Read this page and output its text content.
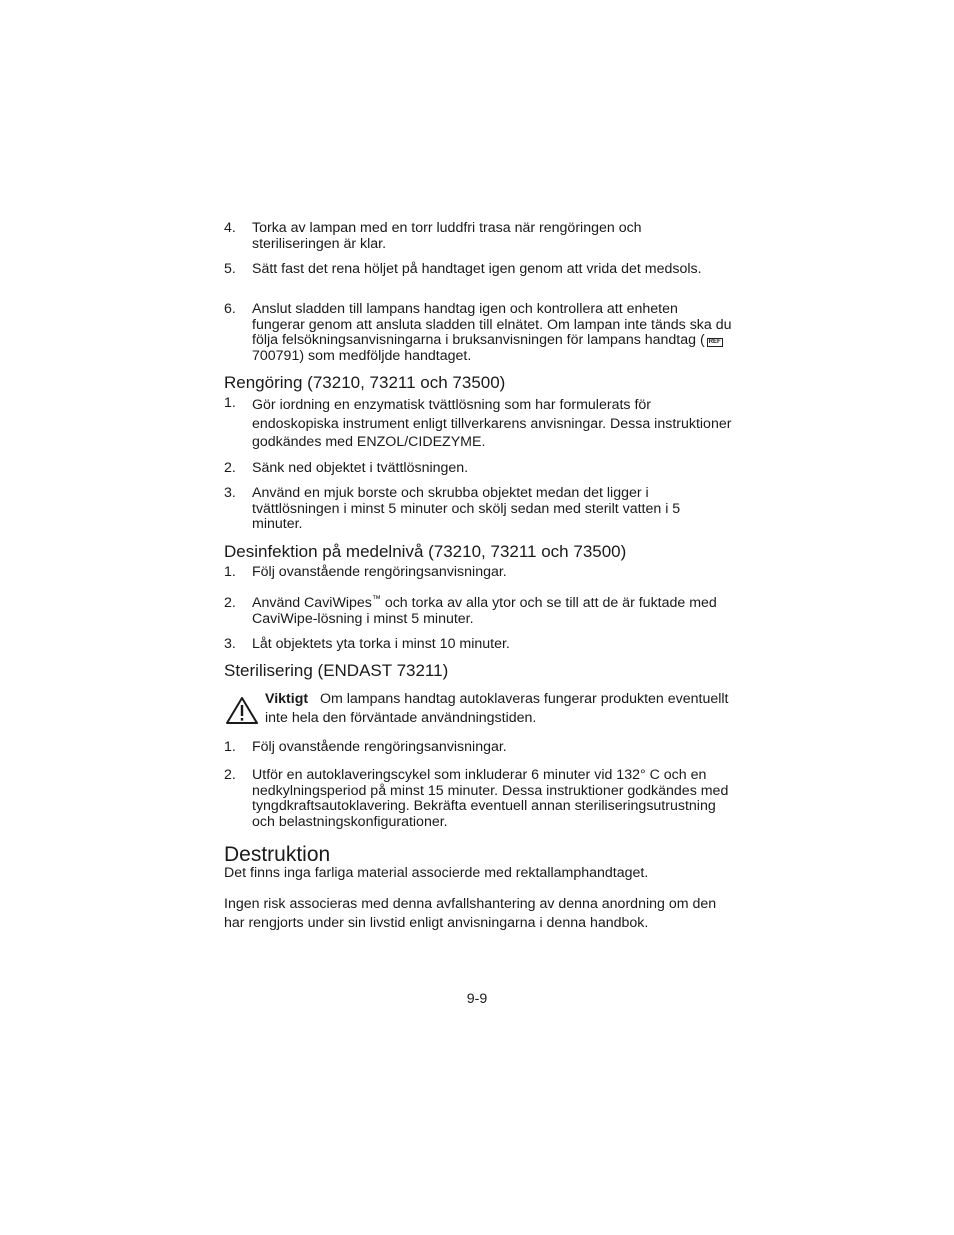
4. Torka av lampan med en torr luddfri trasa när rengöringen och steriliseringen är klar.
5. Sätt fast det rena höljet på handtaget igen genom att vrida det medsols.
6. Anslut sladden till lampans handtag igen och kontrollera att enheten fungerar genom att ansluta sladden till elnätet. Om lampan inte tänds ska du följa felsökningsanvisningarna i bruksanvisningen för lampans handtag ( REF 700791) som medföljde handtaget.
Rengöring (73210, 73211 och 73500)
1. Gör iordning en enzymatisk tvättlösning som har formulerats för endoskopiska instrument enligt tillverkarens anvisningar. Dessa instruktioner godkändes med ENZOL/CIDEZYME.
2. Sänk ned objektet i tvättlösningen.
3. Använd en mjuk borste och skrubba objektet medan det ligger i tvättlösningen i minst 5 minuter och skölj sedan med sterilt vatten i 5 minuter.
Desinfektion på medelnivå (73210, 73211 och 73500)
1. Följ ovanstående rengöringsanvisningar.
2. Använd CaviWipes™ och torka av alla ytor och se till att de är fuktade med CaviWipe-lösning i minst 5 minuter.
3. Låt objektets yta torka i minst 10 minuter.
Sterilisering (ENDAST 73211)
Viktigt Om lampans handtag autoklaveras fungerar produkten eventuellt inte hela den förväntade användningstiden.
1. Följ ovanstående rengöringsanvisningar.
2. Utför en autoklaveringscykel som inkluderar 6 minuter vid 132° C och en nedkylningsperiod på minst 15 minuter. Dessa instruktioner godkändes med tyngdkraftsautoklavering. Bekräfta eventuell annan steriliseringsutrustning och belastningskonfigurationer.
Destruktion
Det finns inga farliga material associerde med rektallamphandtaget.
Ingen risk associeras med denna avfallshantering av denna anordning om den har rengjorts under sin livstid enligt anvisningarna i denna handbok.
9-9
